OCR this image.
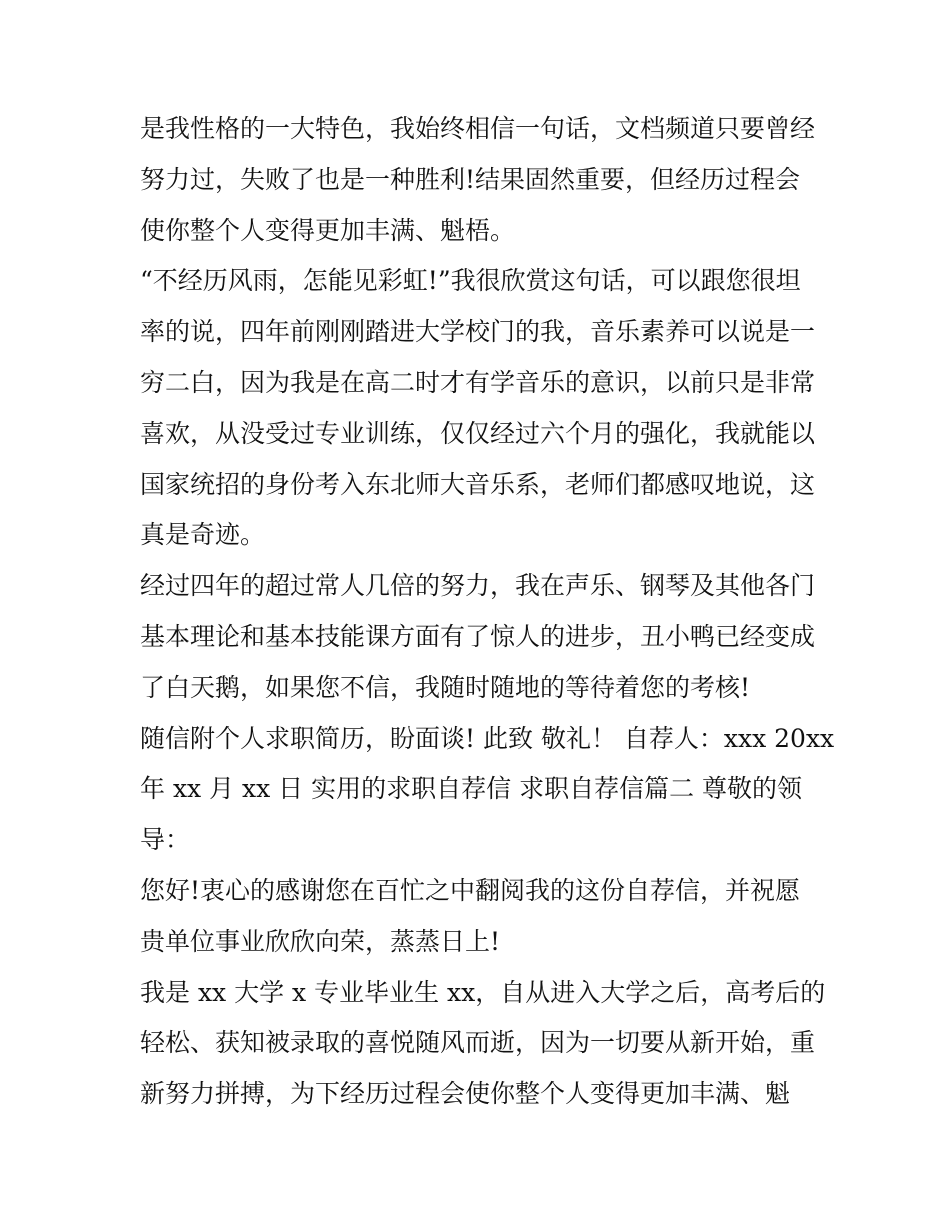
是我性格的一大特色，我始终相信一句话，文档频道只要曾经
努力过，失败了也是一种胜利!结果固然重要，但经历过程会
使你整个人变得更加丰满、魁梧。
“不经历风雨，怎能见彩虹!”我很欣赏这句话，可以跟您很坦
率的说，四年前刚刚踏进大学校门的我，音乐素养可以说是一
穷二白，因为我是在高二时才有学音乐的意识，以前只是非常
喜欢，从没受过专业训练，仅仅经过六个月的强化，我就能以
国家统招的身份考入东北师大音乐系，老师们都感叹地说，这
真是奇迹。
经过四年的超过常人几倍的努力，我在声乐、钢琴及其他各门
基本理论和基本技能课方面有了惊人的进步，丑小鸭已经变成
了白天鹅，如果您不信，我随时随地的等待着您的考核!
随信附个人求职简历，盼面谈! 此致 敬礼！ 自荐人：xxx 20xx
年 xx 月 xx 日 实用的求职自荐信 求职自荐信篇二 尊敬的领
导：
您好!衷心的感谢您在百忙之中翻阅我的这份自荐信，并祝愿
贵单位事业欣欣向荣，蒸蒸日上!
我是 xx 大学 x 专业毕业生 xx，自从进入大学之后，高考后的
轻松、获知被录取的喜悦随风而逝，因为一切要从新开始，重
新努力拼搏，为下经历过程会使你整个人变得更加丰满、魁
